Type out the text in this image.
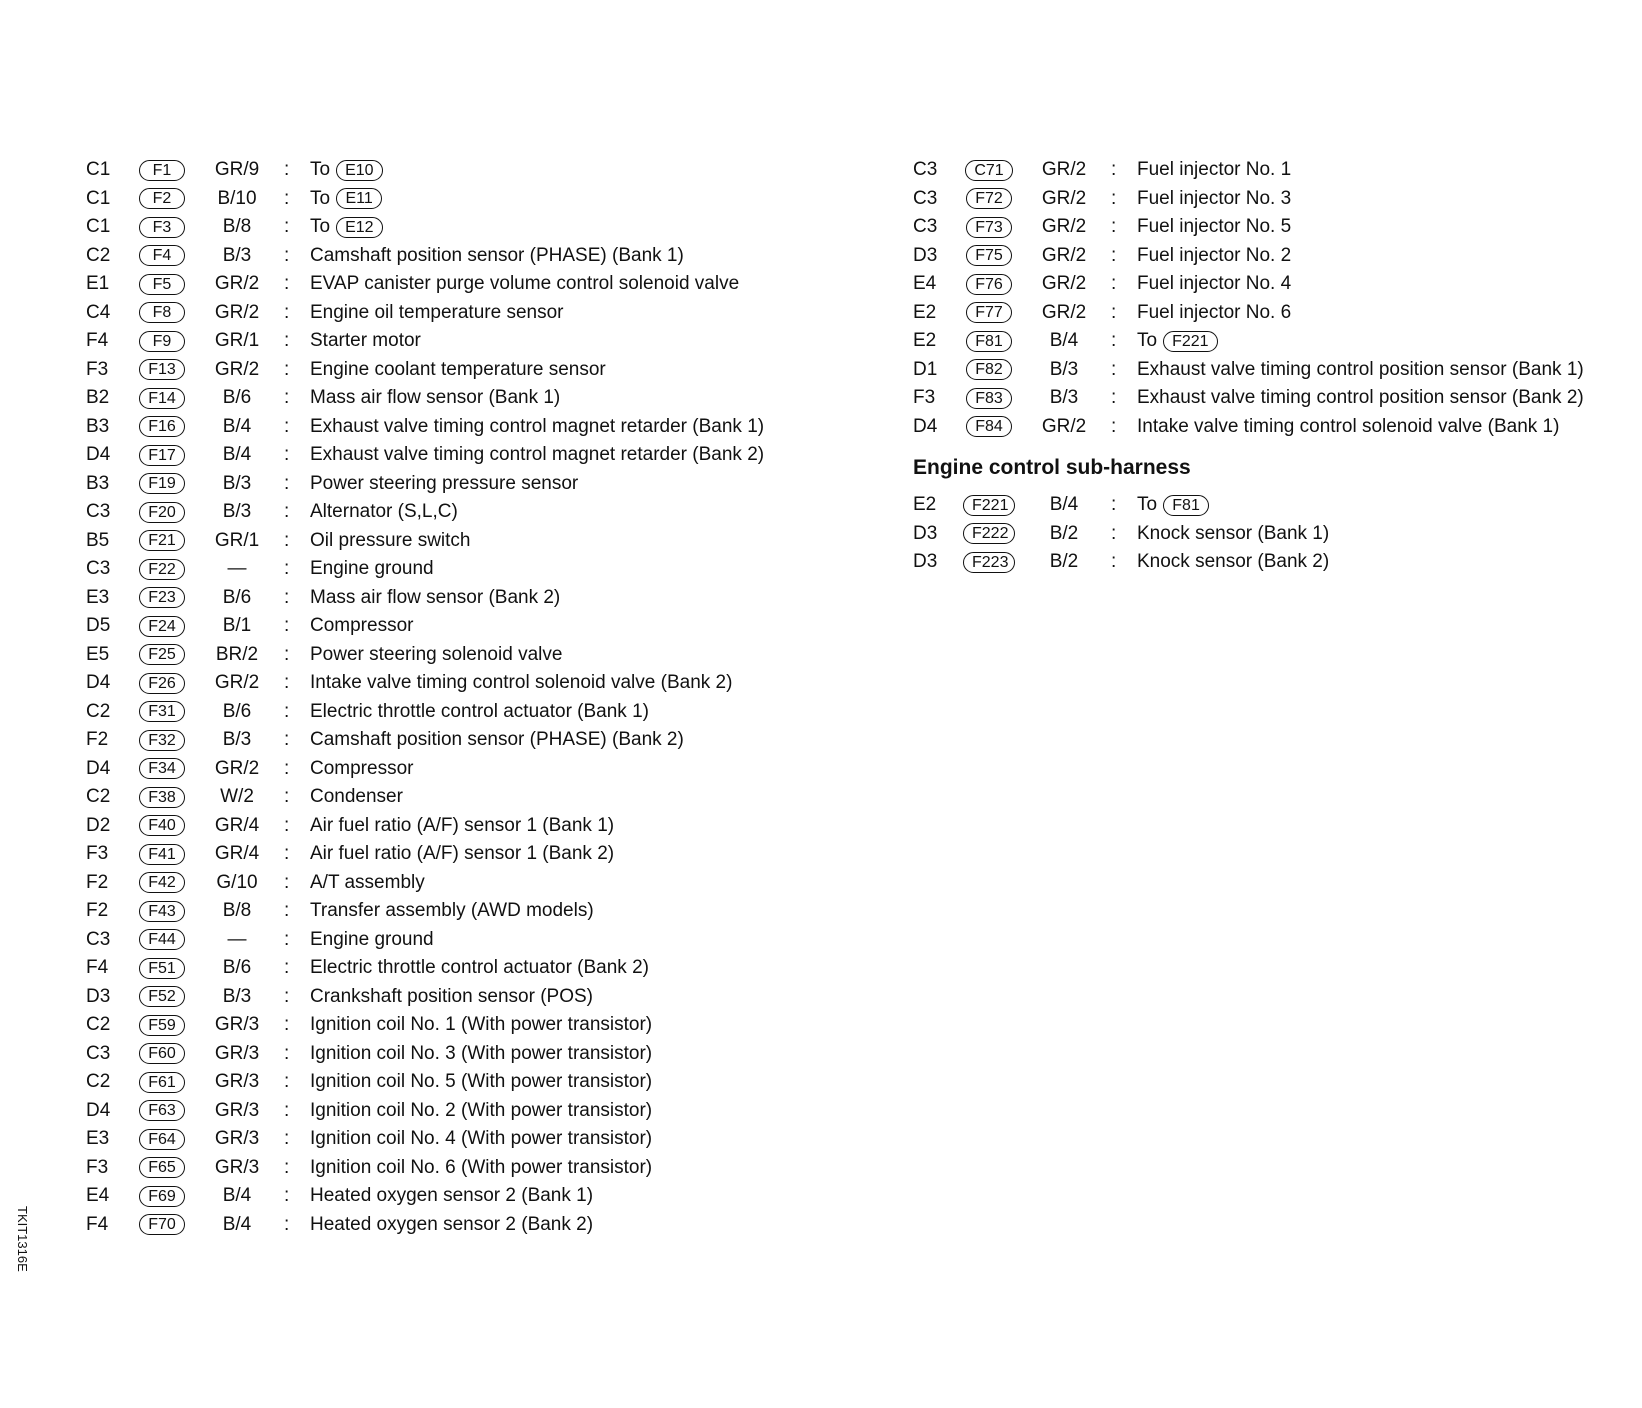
C1	F1	GR/9	:	To E10
C1	F2	B/10	:	To E11
C1	F3	B/8	:	To E12
C2	F4	B/3	:	Camshaft position sensor (PHASE) (Bank 1)
E1	F5	GR/2	:	EVAP canister purge volume control solenoid valve
C4	F8	GR/2	:	Engine oil temperature sensor
F4	F9	GR/1	:	Starter motor
F3	F13	GR/2	:	Engine coolant temperature sensor
B2	F14	B/6	:	Mass air flow sensor (Bank 1)
B3	F16	B/4	:	Exhaust valve timing control magnet retarder (Bank 1)
D4	F17	B/4	:	Exhaust valve timing control magnet retarder (Bank 2)
B3	F19	B/3	:	Power steering pressure sensor
C3	F20	B/3	:	Alternator (S,L,C)
B5	F21	GR/1	:	Oil pressure switch
C3	F22	—	:	Engine ground
E3	F23	B/6	:	Mass air flow sensor (Bank 2)
D5	F24	B/1	:	Compressor
E5	F25	BR/2	:	Power steering solenoid valve
D4	F26	GR/2	:	Intake valve timing control solenoid valve (Bank 2)
C2	F31	B/6	:	Electric throttle control actuator (Bank 1)
F2	F32	B/3	:	Camshaft position sensor (PHASE) (Bank 2)
D4	F34	GR/2	:	Compressor
C2	F38	W/2	:	Condenser
D2	F40	GR/4	:	Air fuel ratio (A/F) sensor 1 (Bank 1)
F3	F41	GR/4	:	Air fuel ratio (A/F) sensor 1 (Bank 2)
F2	F42	G/10	:	A/T assembly
F2	F43	B/8	:	Transfer assembly (AWD models)
C3	F44	—	:	Engine ground
F4	F51	B/6	:	Electric throttle control actuator (Bank 2)
D3	F52	B/3	:	Crankshaft position sensor (POS)
C2	F59	GR/3	:	Ignition coil No. 1 (With power transistor)
C3	F60	GR/3	:	Ignition coil No. 3 (With power transistor)
C2	F61	GR/3	:	Ignition coil No. 5 (With power transistor)
D4	F63	GR/3	:	Ignition coil No. 2 (With power transistor)
E3	F64	GR/3	:	Ignition coil No. 4 (With power transistor)
F3	F65	GR/3	:	Ignition coil No. 6 (With power transistor)
E4	F69	B/4	:	Heated oxygen sensor 2 (Bank 1)
F4	F70	B/4	:	Heated oxygen sensor 2 (Bank 2)
C3	C71	GR/2	:	Fuel injector No. 1
C3	F72	GR/2	:	Fuel injector No. 3
C3	F73	GR/2	:	Fuel injector No. 5
D3	F75	GR/2	:	Fuel injector No. 2
E4	F76	GR/2	:	Fuel injector No. 4
E2	F77	GR/2	:	Fuel injector No. 6
E2	F81	B/4	:	To F221
D1	F82	B/3	:	Exhaust valve timing control position sensor (Bank 1)
F3	F83	B/3	:	Exhaust valve timing control position sensor (Bank 2)
D4	F84	GR/2	:	Intake valve timing control solenoid valve (Bank 1)
Engine control sub-harness
E2	F221	B/4	:	To F81
D3	F222	B/2	:	Knock sensor (Bank 1)
D3	F223	B/2	:	Knock sensor (Bank 2)
TKIT1316E
